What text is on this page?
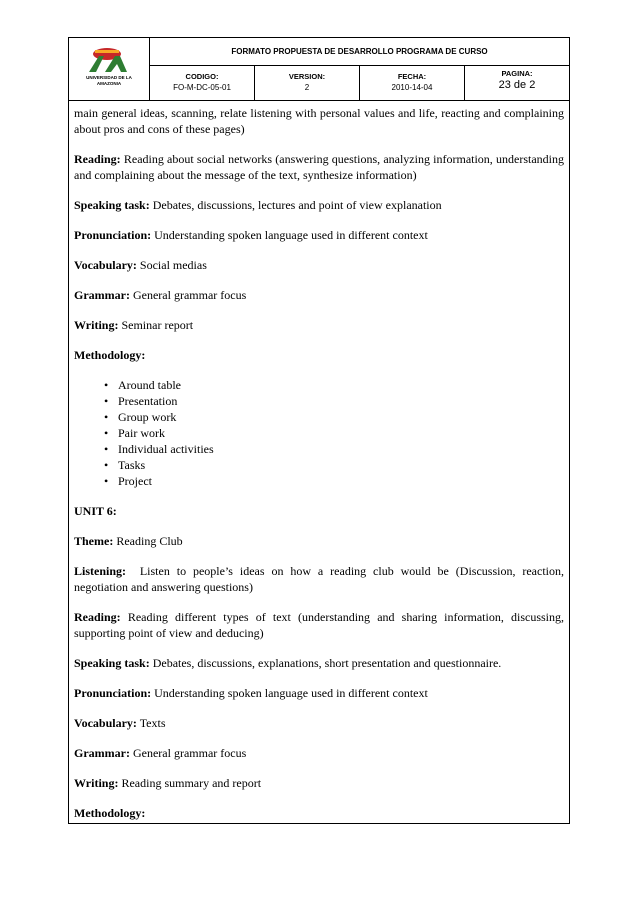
UNIVERSIDAD DE LA AMAZONIA
FORMATO PROPUESTA DE DESARROLLO PROGRAMA DE CURSO
CODIGO:
FO-M-DC-05-01
VERSION:
2
FECHA:
2010-14-04
PAGINA:
23 de 2

main general ideas, scanning, relate listening with personal values and life, reacting and complaining about pros and cons of these pages)

Reading: Reading about social networks (answering questions, analyzing information, understanding and complaining about the message of the text, synthesize information)

Speaking task: Debates, discussions, lectures and point of view explanation

Pronunciation: Understanding spoken language used in different context

Vocabulary: Social medias

Grammar: General grammar focus

Writing: Seminar report

Methodology:

• Around table
• Presentation
• Group work
• Pair work
• Individual activities
• Tasks
• Project

UNIT 6:

Theme: Reading Club

Listening:  Listen to people’s ideas on how a reading club would be (Discussion, reaction, negotiation and answering questions)

Reading: Reading different types of text (understanding and sharing information, discussing, supporting point of view and deducing)

Speaking task: Debates, discussions, explanations, short presentation and questionnaire.

Pronunciation: Understanding spoken language used in different context

Vocabulary: Texts

Grammar: General grammar focus

Writing: Reading summary and report

Methodology:
